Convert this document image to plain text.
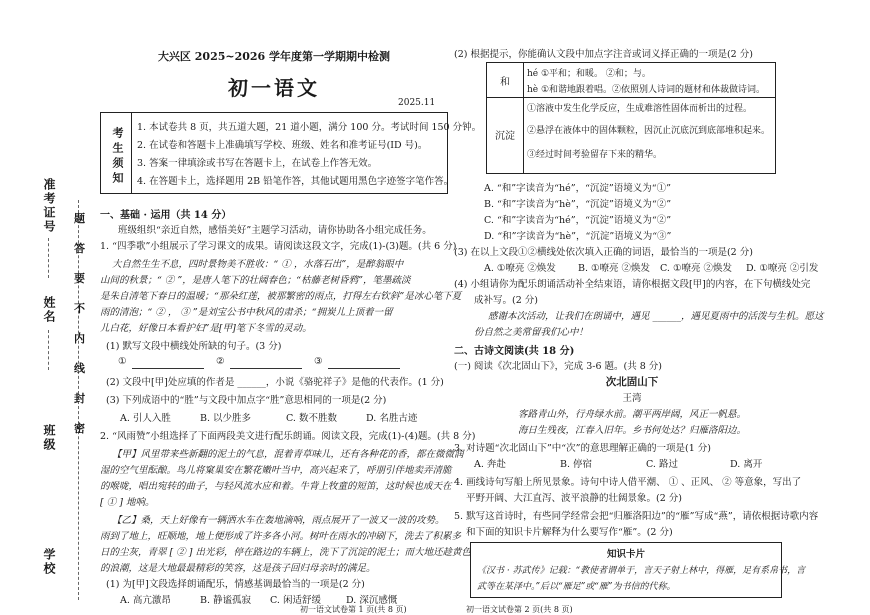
准考证号
姓名
班级
学校
题
答
要
不
内
线
封
密
大兴区 2025~2026 学年度第一学期期中检测
初一语文
2025.11
考生须知 1. 本试卷共 8 页，共五道大题，21 道小题，满分 100 分。考试时间 150 分钟。
2. 在试卷和答题卡上准确填写学校、班级、姓名和准考证号(ID 号)。
3. 答案一律填涂或书写在答题卡上，在试卷上作答无效。
4. 在答题卡上，选择题用 2B 铅笔作答，其他试题用黑色字迹签字笔作答。
一、基础 · 运用（共 14 分）
班级组织“亲近自然，感悟美好”主题学习活动，请你协助各小组完成任务。
1. “四季歌”小组展示了学习课文的成果。请阅读这段文字，完成(1)-(3)题。(共 6 分)
大自然生生不息，四时景物美不胜收：“ ① ，水落石出”，是醉翁眼中
山间的秋景；“ ② ”，是唐人笔下的壮阔春色；“枯藤老树昏鸦”，笔墨疏淡
是朱自清笔下春日的温暖；“那朵红莲，被那繁密的雨点，打得左右钦斜”是冰心笔下夏
雨的清泡；“ ② ， ③ ”是刘宝公书中秋风的肃杀；“拥炭儿上顶着一留
儿白花，好像日本看护妇”是[甲]笔下冬雪的灵动。
(1) 默写文段中横线处所缺的句子。(3 分)
①	②	③
(2) 文段中[甲]处应填的作者是 ______，小说《骆驼祥子》是他的代表作。(1 分)
(3) 下列成语中的“胜”与文段中加点字“胜”意思相同的一项是(2 分)
A. 引人入胜	B. 以少胜多	C. 数不胜数	D. 名胜古迹
2. “风雨赞”小组选择了下面两段美文进行配乐朗诵。阅读文段，完成(1)-(4)题。(共 8 分)
【甲】风里带来些新翻的泥土的气息，混着青草味儿，还有各种花的香，都在微微润
湿的空气里酝酿。鸟儿将窠巢安在繁花嫩叶当中，高兴起来了，呼朋引伴地卖弄清脆
的喉咙，唱出宛转的曲子，与轻风流水应和着。牛背上牧童的短笛，这时候也成天在
[ ① ] 地响。
【乙】桑，天上好像有一辆洒水车在轰地滴响，雨点展开了一波又一波的攻势。
雨到了地上，旺顺地，地上便形成了许多各小河。树叶在雨水的冲刷下，洗去了积累多
日的尘灰，青翠 [ ② ] 出光彩，停在路边的车辆上，洗下了沉淀的泥土；而大地还趁黄色
的浪潮，这是大地最最精彩的笑容，这是孩子回归母亲时的满足。
(1) 为[甲]文段选择朗诵配乐，情感基调最恰当的一项是(2 分)
A. 高亢激昂	B. 静谧孤寂 C. 闲适舒缓	D. 深沉感慨
初一语文试卷第 1 页(共 8 页)
(2) 根据提示，你能确认文段中加点字注音或词义择正确的一项是(2 分)
和
hé ①平和；和暖。 ②和；与。
hè ①和谐地跟着唱。②依照别人诗词的题材和体裁做诗词。
沉淀
①溶液中发生化学反应，生成难溶性固体而析出的过程。
②悬浮在液体中的固体颗粒，因沉止沉底沉到底部堆积起来。
③经过时间考验留存下来的精华。
A. “和”字读音为“hé”，“沉淀”语境义为“①”
B. “和”字读音为“hè”，“沉淀”语境义为“②”
C. “和”字读音为“hé”，“沉淀”语境义为“②”
D. “和”字读音为“hè”，“沉淀”语境义为“③”
(3) 在以上文段①②横线处依次填入正确的词语，最恰当的一项是(2 分)
A. ①嘹亮 ②焕发 B. ①嘹亮 ②焕发 C. ①嘹亮 ②焕发 D. ①嘹亮 ②引发
(4) 小组请你为配乐朗诵活动补全结束语，请你根据文段[甲]的内容，在下句横线处完
成补写。(2 分)
感谢本次活动，让我们在朗诵中，遇见 ______，遇见夏雨中的活泼与生机。愿这
份自然之美常留我们心中！
二、古诗文阅读(共 18 分)
(一) 阅读《次北固山下》，完成 3-6 题。(共 8 分)
次北固山下
王湾
客路青山外，行舟绿水前。潮平两岸阔，风正一帆悬。
海日生残夜，江春入旧年。乡书何处达？归雁洛阳边。
3. 对诗题“次北固山下”中“次”的意思理解正确的一项是(1 分)
A. 奔赴	B. 停宿	C. 路过	D. 离开
4. 画线诗句写船上所见景象。诗句中诗人借平潮、 ① 、正风、 ② 等意象，写出了
平野开阔、大江直泻、波平浪静的壮阔景象。(2 分)
5. 默写这首诗时，有些同学经常会把“归雁洛阳边”的“雁”写成“燕”，请依根据诗歌内容
和下面的知识卡片解释为什么要写作“雁”。(2 分)
知识卡片
《汉书 · 苏武传》记载：“教使者谓单于，言天子射上林中，得雁，足有系帛书，言
武等在某泽中。”后以“雁足”或“雁”为书信的代称。
初一语文试卷第 2 页(共 8 页)
